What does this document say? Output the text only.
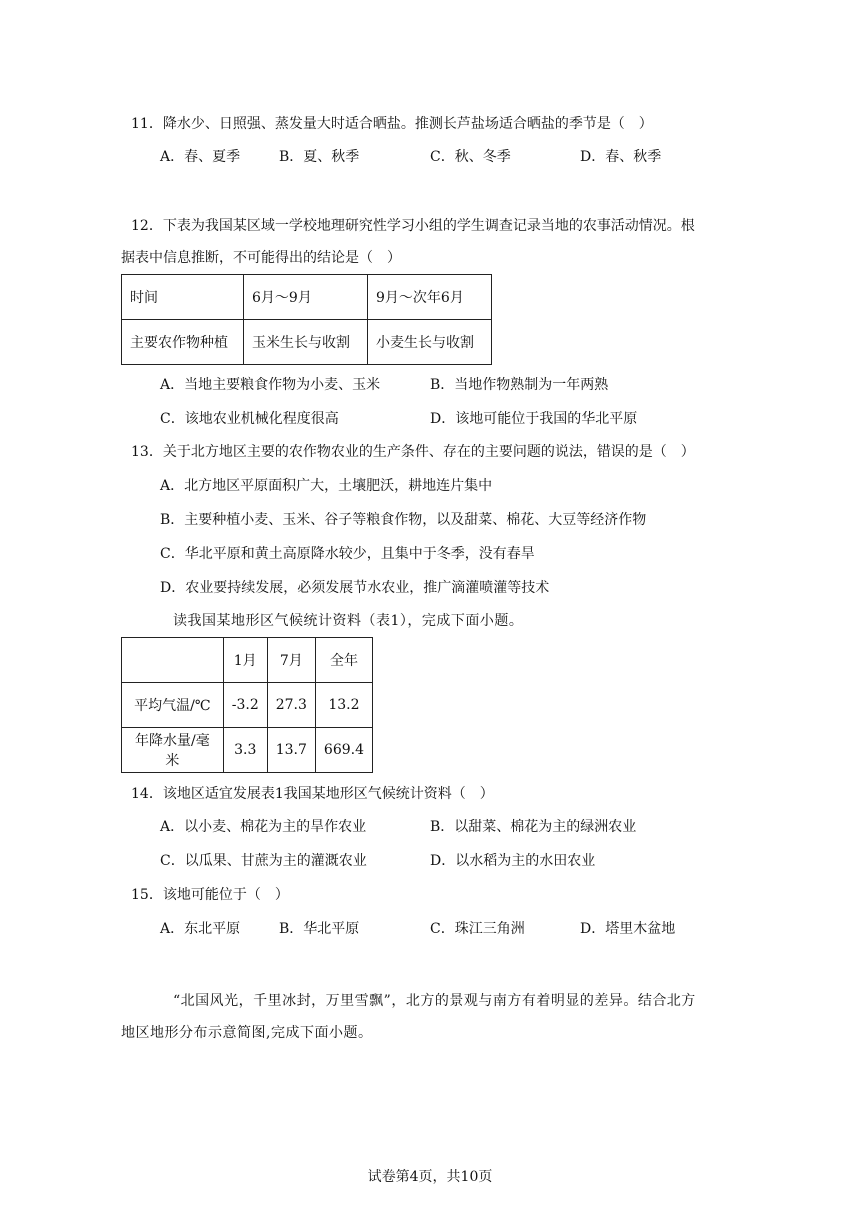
11．降水少、日照强、蒸发量大时适合晒盐。推测长芦盐场适合晒盐的季节是（　）
A．春、夏季	B．夏、秋季	C．秋、冬季	D．春、秋季
12．下表为我国某区域一学校地理研究性学习小组的学生调查记录当地的农事活动情况。根
据表中信息推断，不可能得出的结论是（　）
时间	6月～9月	9月～次年6月
主要农作物种植	玉米生长与收割	小麦生长与收割
A．当地主要粮食作物为小麦、玉米	B．当地作物熟制为一年两熟
C．该地农业机械化程度很高	D．该地可能位于我国的华北平原
13．关于北方地区主要的农作物农业的生产条件、存在的主要问题的说法，错误的是（　）
A．北方地区平原面积广大，土壤肥沃，耕地连片集中
B．主要种植小麦、玉米、谷子等粮食作物，以及甜菜、棉花、大豆等经济作物
C．华北平原和黄土高原降水较少，且集中于冬季，没有春旱
D．农业要持续发展，必须发展节水农业，推广滴灌喷灌等技术
读我国某地形区气候统计资料（表1），完成下面小题。
	1月	7月	全年
平均气温/℃	-3.2	27.3	13.2
年降水量/毫米	3.3	13.7	669.4
14．该地区适宜发展表1我国某地形区气候统计资料（　）
A．以小麦、棉花为主的旱作农业	B．以甜菜、棉花为主的绿洲农业
C．以瓜果、甘蔗为主的灌溉农业	D．以水稻为主的水田农业
15．该地可能位于（　）
A．东北平原	B．华北平原	C．珠江三角洲	D．塔里木盆地
“北国风光，千里冰封，万里雪飘”，北方的景观与南方有着明显的差异。结合北方
地区地形分布示意简图,完成下面小题。
试卷第4页，共10页
